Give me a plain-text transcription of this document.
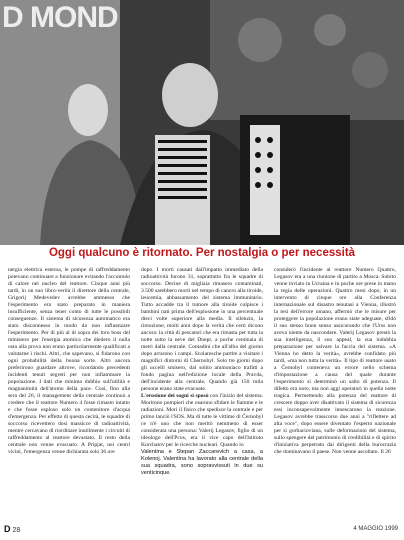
D MOND
Oggi qualcuno è ritornato. Per nostalgia o per necessità

nergia elettrica esterna, le pompe di raffreddamento potevano continuare a funzionare evitando l'accumulo di calore nel nucleo del reattore. Cinque anni più tardi, in un suo libro-verità il direttore della centrale, Grigorij Medevedev avrebbe ammesso che l'esperimento era stato preparato in maniera insufficiente, senza tener conto di tutte le possibili conseguenze. Il sistema di sicurezza automatico era stato disconnesso in modo da non influenzare l'esperimento. Per di più al di sopra dei loro boss del ministero per l'energia atomica che diedero il nulla osta alla prova non erano particolarmente qualificati a valutarne i rischi. Altri, che sapevano, si fidarono con ogni probabilità della buona sorte. Altri ancora preferirono guardare altrove, ricordando precedenti incidenti tenuti segreti per non infiammare la popolazione. I dati che minimo dubbio sull'utilità e magnanimità dell'atomo della pace. Così, fino alla sera del 26, il management della centrale continuò a credere che il reattore Numero 4 fosse rimasto intatto e che fosse esploso solo un contenitore d'acqua d'emergenza. Per effetto di questa cecità, le squadre di soccorso ricevettero dosi massicce di radioattività, mentre cercavano di riordinare inutilmente i circuiti di raffreddamento al reattore devastato. Il resto della centrale non venne evacuato. A Pripjat, nei centri vicini, l'emergenza venne dichiarata solo 36 ore

dopo. I morti causati dall'impatto immediato della radioattività furono 31, soprattutto fra le squadre di soccorso. Decine di migliaia rimasero contaminati, 3.500 sarebbero morti nel tempo di cancro alla tiroide, leucemia, abbassamento del sistema immunitario. Tutto accadde tra il tumore alla tiroide colpisce i bambini nati prima dell'esplosione in una percentuale dieci volte superiore alla media. Il silenzio, la rimozione, molti anni dopo la verità che certi dicono ancora: la città di pescatori che era rimasta per tutta la notte sotto la neve del Dnepr, a poche centinaia di metri dalla centrale. Contadini che all'alba del giorno dopo arrarono i campi. Scolaresche partite a visitare i magnifici dintorni di Chernobyl. Solo tre giorni dopo gli uccelli smisero, dal solito ammoniaco trafitti a fondo pagina nell'edizione locale della Pravda, dell'incidente alla centrale. Quando già 150 mila persone erano state evacuate.

L'erosione dei sogni si sposò con l'inizio del sistema. Morirono pompieri che osarono sfidare le fiamme e le radiazioni. Morì il fisico che spedisce la centrale e per primo lanciò l'SOS. Ma di tutte le vittime di Černobyl ce n'è uno che non meritò nemmeno di esser considerata una persona: Valerij Legasov, figlio di un ideologo dell'Pcus, era il vice capo dell'Istituto Kurchatov per le ricerche nucleari. Quando lo

Valentina e Stepan Zaccarevich a casa, a Kolenoj. Valentina ha lavorato alla centrale della sua squadra, sono sopravvissuti in due su venticinque.

considerò l'incidente al reattore Numero Quattro, Legasov era a una riunione di partito a Mosca. Subito venne inviato in Ucraina e in poche ore prese in mano la regia delle operazioni. Quattro mesi dopo, in un intervento di cinque ore alla Conferenza internazionale sul disastro tenutasi a Vienna, illustrò la tesi dell'errore umano, affermò che le misure per proteggere la popolazione erano state adeguate, sfidò il suo stesso buon senso assicurando che l'Urss non aveva niente da nascondere. Valerij Legasov prestò la sua intelligenza, il suo appeal, la sua indubbia preparazione per salvare la faccia del sistema. «A Vienna ho detto la verità», avrebbe confidato più tardi, «ma non tutta la verità». Il tipo di reattore usato a Černobyl conteneva un errore nello schema d'impostazione a causa del quale durante l'esperimento si determinò un salto di potenza. Il difetto era noto, ma non aggi operatori in quella notte tragica. Permettendo alla potenza del reattore di crescere doppo aver disattivato il sistema di sicurezza essi inconsapevolmente innescarono la reazione. Legasov avrebbe trasscorso due anni a "riflettere ad alta voce", dopo essere diventato l'esperto nazionale per sì gorbacioviana, sulle deformazioni del sistema, sullo spengere del patrimonio di credibilità e di spirito d'iniziativa perpetrato dai dirigenti della burocrazia che dominavano il paese. Non venne ascoltato. Il 26

D 28	4 MAGGIO 1999
